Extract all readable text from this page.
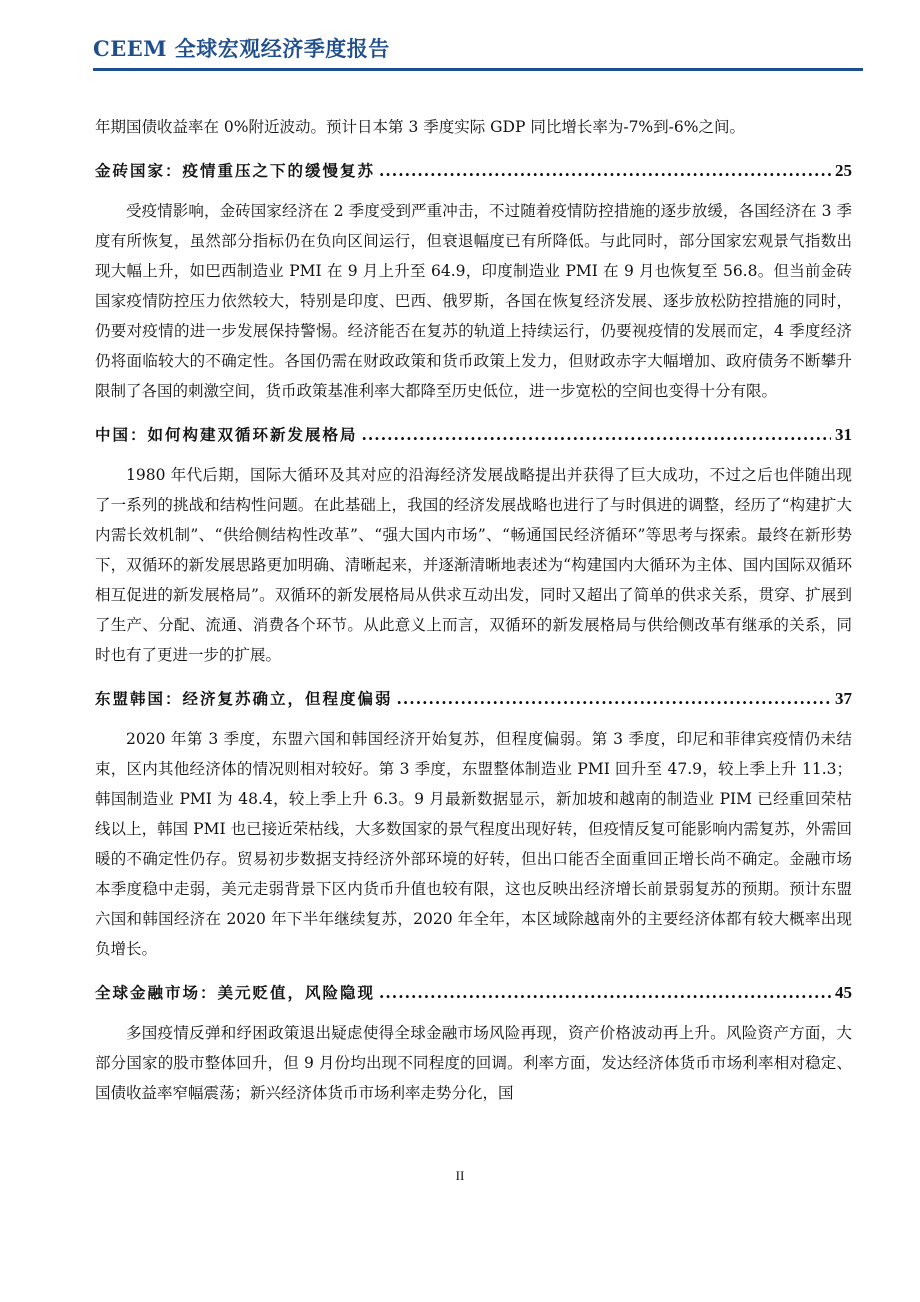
CEEM 全球宏观经济季度报告

年期国债收益率在 0%附近波动。预计日本第 3 季度实际 GDP 同比增长率为-7%到-6%之间。

金砖国家：疫情重压之下的缓慢复苏 .....	25

受疫情影响，金砖国家经济在 2 季度受到严重冲击，不过随着疫情防控措施的逐步放缓，各国经济在 3 季度有所恢复，虽然部分指标仍在负向区间运行，但衰退幅度已有所降低。与此同时，部分国家宏观景气指数出现大幅上升，如巴西制造业 PMI 在 9 月上升至 64.9，印度制造业 PMI 在 9 月也恢复至 56.8。但当前金砖国家疫情防控压力依然较大，特别是印度、巴西、俄罗斯，各国在恢复经济发展、逐步放松防控措施的同时，仍要对疫情的进一步发展保持警惕。经济能否在复苏的轨道上持续运行，仍要视疫情的发展而定，4 季度经济仍将面临较大的不确定性。各国仍需在财政政策和货币政策上发力，但财政赤字大幅增加、政府债务不断攀升限制了各国的刺激空间，货币政策基准利率大都降至历史低位，进一步宽松的空间也变得十分有限。

中国：如何构建双循环新发展格局 .....	31

1980 年代后期，国际大循环及其对应的沿海经济发展战略提出并获得了巨大成功，不过之后也伴随出现了一系列的挑战和结构性问题。在此基础上，我国的经济发展战略也进行了与时俱进的调整，经历了“构建扩大内需长效机制”、“供给侧结构性改革”、“强大国内市场”、“畅通国民经济循环”等思考与探索。最终在新形势下，双循环的新发展思路更加明确、清晰起来，并逐渐清晰地表述为“构建国内大循环为主体、国内国际双循环相互促进的新发展格局”。双循环的新发展格局从供求互动出发，同时又超出了简单的供求关系，贯穿、扩展到了生产、分配、流通、消费各个环节。从此意义上而言，双循环的新发展格局与供给侧改革有继承的关系，同时也有了更进一步的扩展。

东盟韩国：经济复苏确立，但程度偏弱 .....	37

2020 年第 3 季度，东盟六国和韩国经济开始复苏，但程度偏弱。第 3 季度，印尼和菲律宾疫情仍未结束，区内其他经济体的情况则相对较好。第 3 季度，东盟整体制造业 PMI 回升至 47.9，较上季上升 11.3；韩国制造业 PMI 为 48.4，较上季上升 6.3。9 月最新数据显示，新加坡和越南的制造业 PIM 已经重回荣枯线以上，韩国 PMI 也已接近荣枯线，大多数国家的景气程度出现好转，但疫情反复可能影响内需复苏，外需回暖的不确定性仍存。贸易初步数据支持经济外部环境的好转，但出口能否全面重回正增长尚不确定。金融市场本季度稳中走弱，美元走弱背景下区内货币升值也较有限，这也反映出经济增长前景弱复苏的预期。预计东盟六国和韩国经济在 2020 年下半年继续复苏，2020 年全年，本区域除越南外的主要经济体都有较大概率出现负增长。

全球金融市场：美元贬值，风险隐现 .....	45

多国疫情反弹和纾困政策退出疑虑使得全球金融市场风险再现，资产价格波动再上升。风险资产方面，大部分国家的股市整体回升，但 9 月份均出现不同程度的回调。利率方面，发达经济体货币市场利率相对稳定、国债收益率窄幅震荡；新兴经济体货币市场利率走势分化，国

II
